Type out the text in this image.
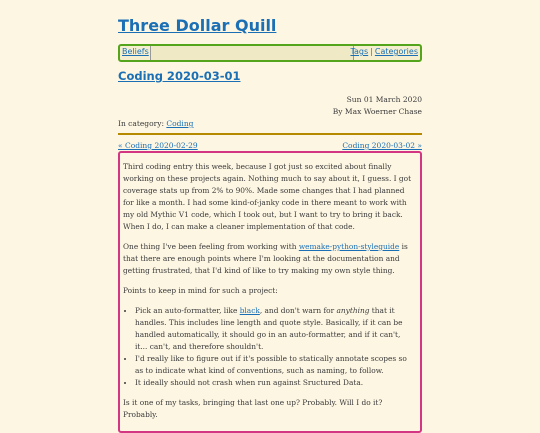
Three Dollar Quill
Beliefs	Tags | Categories
Coding 2020-03-01
Sun 01 March 2020
By Max Woerner Chase
In category: Coding
« Coding 2020-02-29	Coding 2020-03-02 »

Third coding entry this week, because I got just so excited about finally working on these projects again. Nothing much to say about it, I guess. I got coverage stats up from 2% to 90%. Made some changes that I had planned for like a month. I had some kind-of-janky code in there meant to work with my old Mythic V1 code, which I took out, but I want to try to bring it back. When I do, I can make a cleaner implementation of that code.

One thing I've been feeling from working with wemake-python-styleguide is that there are enough points where I'm looking at the documentation and getting frustrated, that I'd kind of like to try making my own style thing.

Points to keep in mind for such a project:

• Pick an auto-formatter, like black, and don't warn for anything that it handles. This includes line length and quote style. Basically, if it can be handled automatically, it should go in an auto-formatter, and if it can't, it... can't, and therefore shouldn't.
• I'd really like to figure out if it's possible to statically annotate scopes so as to indicate what kind of conventions, such as naming, to follow.
• It ideally should not crash when run against Sructured Data.

Is it one of my tasks, bringing that last one up? Probably. Will I do it? Probably.
